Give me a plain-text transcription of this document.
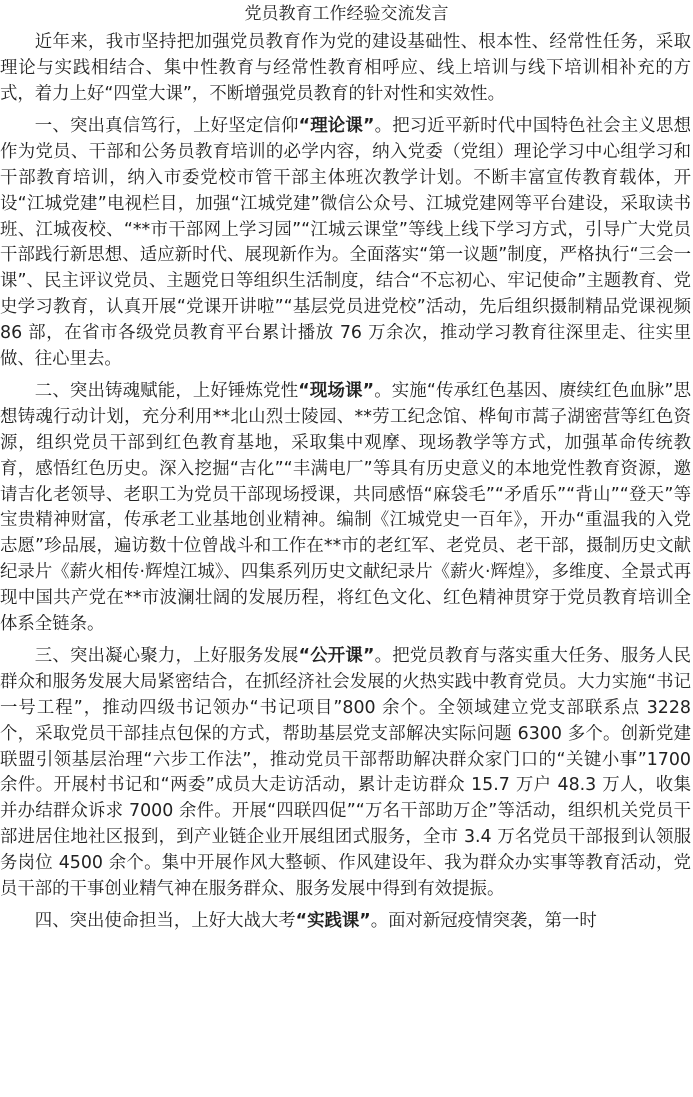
党员教育工作经验交流发言

近年来，我市坚持把加强党员教育作为党的建设基础性、根本性、经常性任务，采取理论与实践相结合、集中性教育与经常性教育相呼应、线上培训与线下培训相补充的方式，着力上好“四堂大课”，不断增强党员教育的针对性和实效性。

一、突出真信笃行，上好坚定信仰“理论课”。把习近平新时代中国特色社会主义思想作为党员、干部和公务员教育培训的必学内容，纳入党委（党组）理论学习中心组学习和干部教育培训，纳入市委党校市管干部主体班次教学计划。不断丰富宣传教育载体，开设“江城党建”电视栏目，加强“江城党建”微信公众号、江城党建网等平台建设，采取读书班、江城夜校、“**市干部网上学习园”“江城云课堂”等线上线下学习方式，引导广大党员干部践行新思想、适应新时代、展现新作为。全面落实“第一议题”制度，严格执行“三会一课”、民主评议党员、主题党日等组织生活制度，结合“不忘初心、牢记使命”主题教育、党史学习教育，认真开展“党课开讲啦”“基层党员进党校”活动，先后组织摄制精品党课视频 86 部，在省市各级党员教育平台累计播放 76 万余次，推动学习教育往深里走、往实里做、往心里去。

二、突出铸魂赋能，上好锤炼党性“现场课”。实施“传承红色基因、赓续红色血脉”思想铸魂行动计划，充分利用**北山烈士陵园、**劳工纪念馆、桦甸市蒿子湖密营等红色资源，组织党员干部到红色教育基地，采取集中观摩、现场教学等方式，加强革命传统教育，感悟红色历史。深入挖掘“吉化”“丰满电厂”等具有历史意义的本地党性教育资源，邀请吉化老领导、老职工为党员干部现场授课，共同感悟“麻袋毛”“矛盾乐”“背山”“登天”等宝贵精神财富，传承老工业基地创业精神。编制《江城党史一百年》，开办“重温我的入党志愿”珍品展，遍访数十位曾战斗和工作在**市的老红军、老党员、老干部，摄制历史文献纪录片《薪火相传·辉煌江城》、四集系列历史文献纪录片《薪火·辉煌》，多维度、全景式再现中国共产党在**市波澜壮阔的发展历程，将红色文化、红色精神贯穿于党员教育培训全体系全链条。

三、突出凝心聚力，上好服务发展“公开课”。把党员教育与落实重大任务、服务人民群众和服务发展大局紧密结合，在抓经济社会发展的火热实践中教育党员。大力实施“书记一号工程”，推动四级书记领办“书记项目”800 余个。全领域建立党支部联系点 3228 个，采取党员干部挂点包保的方式，帮助基层党支部解决实际问题 6300 多个。创新党建联盟引领基层治理“六步工作法”，推动党员干部帮助解决群众家门口的“关键小事”1700 余件。开展村书记和“两委”成员大走访活动，累计走访群众 15.7 万户 48.3 万人，收集并办结群众诉求 7000 余件。开展“四联四促”“万名干部助万企”等活动，组织机关党员干部进居住地社区报到，到产业链企业开展组团式服务，全市 3.4 万名党员干部报到认领服务岗位 4500 余个。集中开展作风大整顿、作风建设年、我为群众办实事等教育活动，党员干部的干事创业精气神在服务群众、服务发展中得到有效提振。

四、突出使命担当，上好大战大考“实践课”。面对新冠疫情突袭，第一时
